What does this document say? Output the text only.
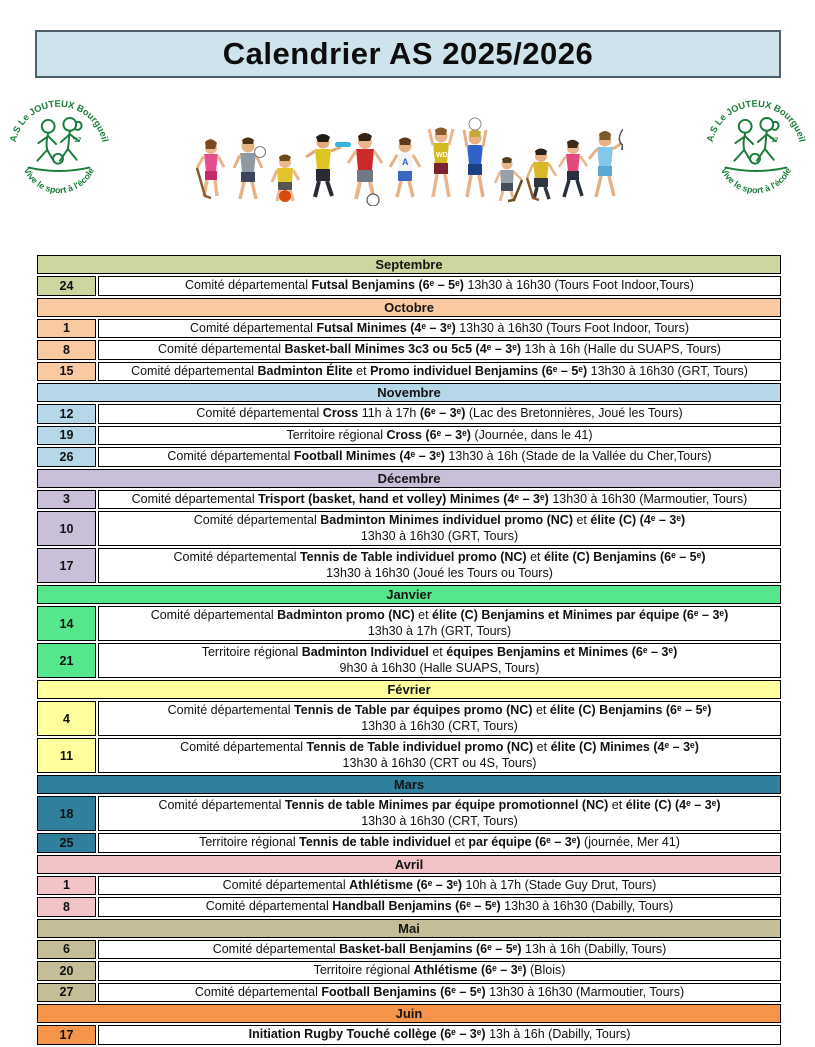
Calendrier AS 2025/2026
A.S Le JOUTEUX Bourgueil
Vive le sport à l'école
'37	A.S Le JOUTEUX Bourgueil
Vive le sport à l'école
'37
A
WD
Septembre	
24	Comité départemental Futsal Benjamins (6ᵉ – 5ᵉ) 13h30 à 16h30 (Tours Foot Indoor,Tours)

Octobre	
1	Comité départemental Futsal Minimes (4ᵉ – 3ᵉ) 13h30 à 16h30 (Tours Foot Indoor, Tours)

8	Comité départemental Basket-ball Minimes 3c3 ou 5c5 (4ᵉ – 3ᵉ) 13h à 16h (Halle du SUAPS, Tours)

15	Comité départemental Badminton Élite et Promo individuel Benjamins (6ᵉ – 5ᵉ) 13h30 à 16h30 (GRT, Tours)

Novembre	
12	Comité départemental Cross 11h à 17h (6ᵉ – 3ᵉ) (Lac des Bretonnières, Joué les Tours)

19	Territoire régional Cross (6ᵉ – 3ᵉ) (Journée, dans le 41)

26	Comité départemental Football Minimes (4ᵉ – 3ᵉ) 13h30 à 16h (Stade de la Vallée du Cher,Tours)

Décembre	
3	Comité départemental Trisport (basket, hand et volley) Minimes (4ᵉ – 3ᵉ) 13h30 à 16h30 (Marmoutier, Tours)

10	Comité départemental Badminton Minimes individuel promo (NC) et élite (C) (4ᵉ – 3ᵉ)
13h30 à 16h30 (GRT, Tours)

17	Comité départemental Tennis de Table individuel promo (NC) et élite (C) Benjamins (6ᵉ – 5ᵉ)
13h30 à 16h30 (Joué les Tours ou Tours)

Janvier	
14	Comité départemental Badminton promo (NC) et élite (C) Benjamins et Minimes par équipe (6ᵉ – 3ᵉ)
13h30 à 17h (GRT, Tours)

21	Territoire régional Badminton Individuel et équipes Benjamins et Minimes (6ᵉ – 3ᵉ)
9h30 à 16h30 (Halle SUAPS, Tours)

Février	
4	Comité départemental Tennis de Table par équipes promo (NC) et élite (C) Benjamins (6ᵉ – 5ᵉ)
13h30 à 16h30 (CRT, Tours)

11	Comité départemental Tennis de Table individuel promo (NC) et élite (C) Minimes (4ᵉ – 3ᵉ)
13h30 à 16h30 (CRT ou 4S, Tours)

Mars	
18	Comité départemental Tennis de table Minimes par équipe promotionnel (NC) et élite (C) (4ᵉ – 3ᵉ)
13h30 à 16h30 (CRT, Tours)

25	Territoire régional Tennis de table individuel et par équipe (6ᵉ – 3ᵉ) (journée, Mer 41)

Avril	
1	Comité départemental Athlétisme (6ᵉ – 3ᵉ) 10h à 17h (Stade Guy Drut, Tours)

8	Comité départemental Handball Benjamins (6ᵉ – 5ᵉ) 13h30 à 16h30 (Dabilly, Tours)

Mai	
6	Comité départemental Basket-ball Benjamins (6ᵉ – 5ᵉ) 13h à 16h (Dabilly, Tours)

20	Territoire régional Athlétisme (6ᵉ – 3ᵉ) (Blois)

27	Comité départemental Football Benjamins (6ᵉ – 5ᵉ) 13h30 à 16h30 (Marmoutier, Tours)

Juin	
17	Initiation Rugby Touché collège (6ᵉ – 3ᵉ) 13h à 16h (Dabilly, Tours)
